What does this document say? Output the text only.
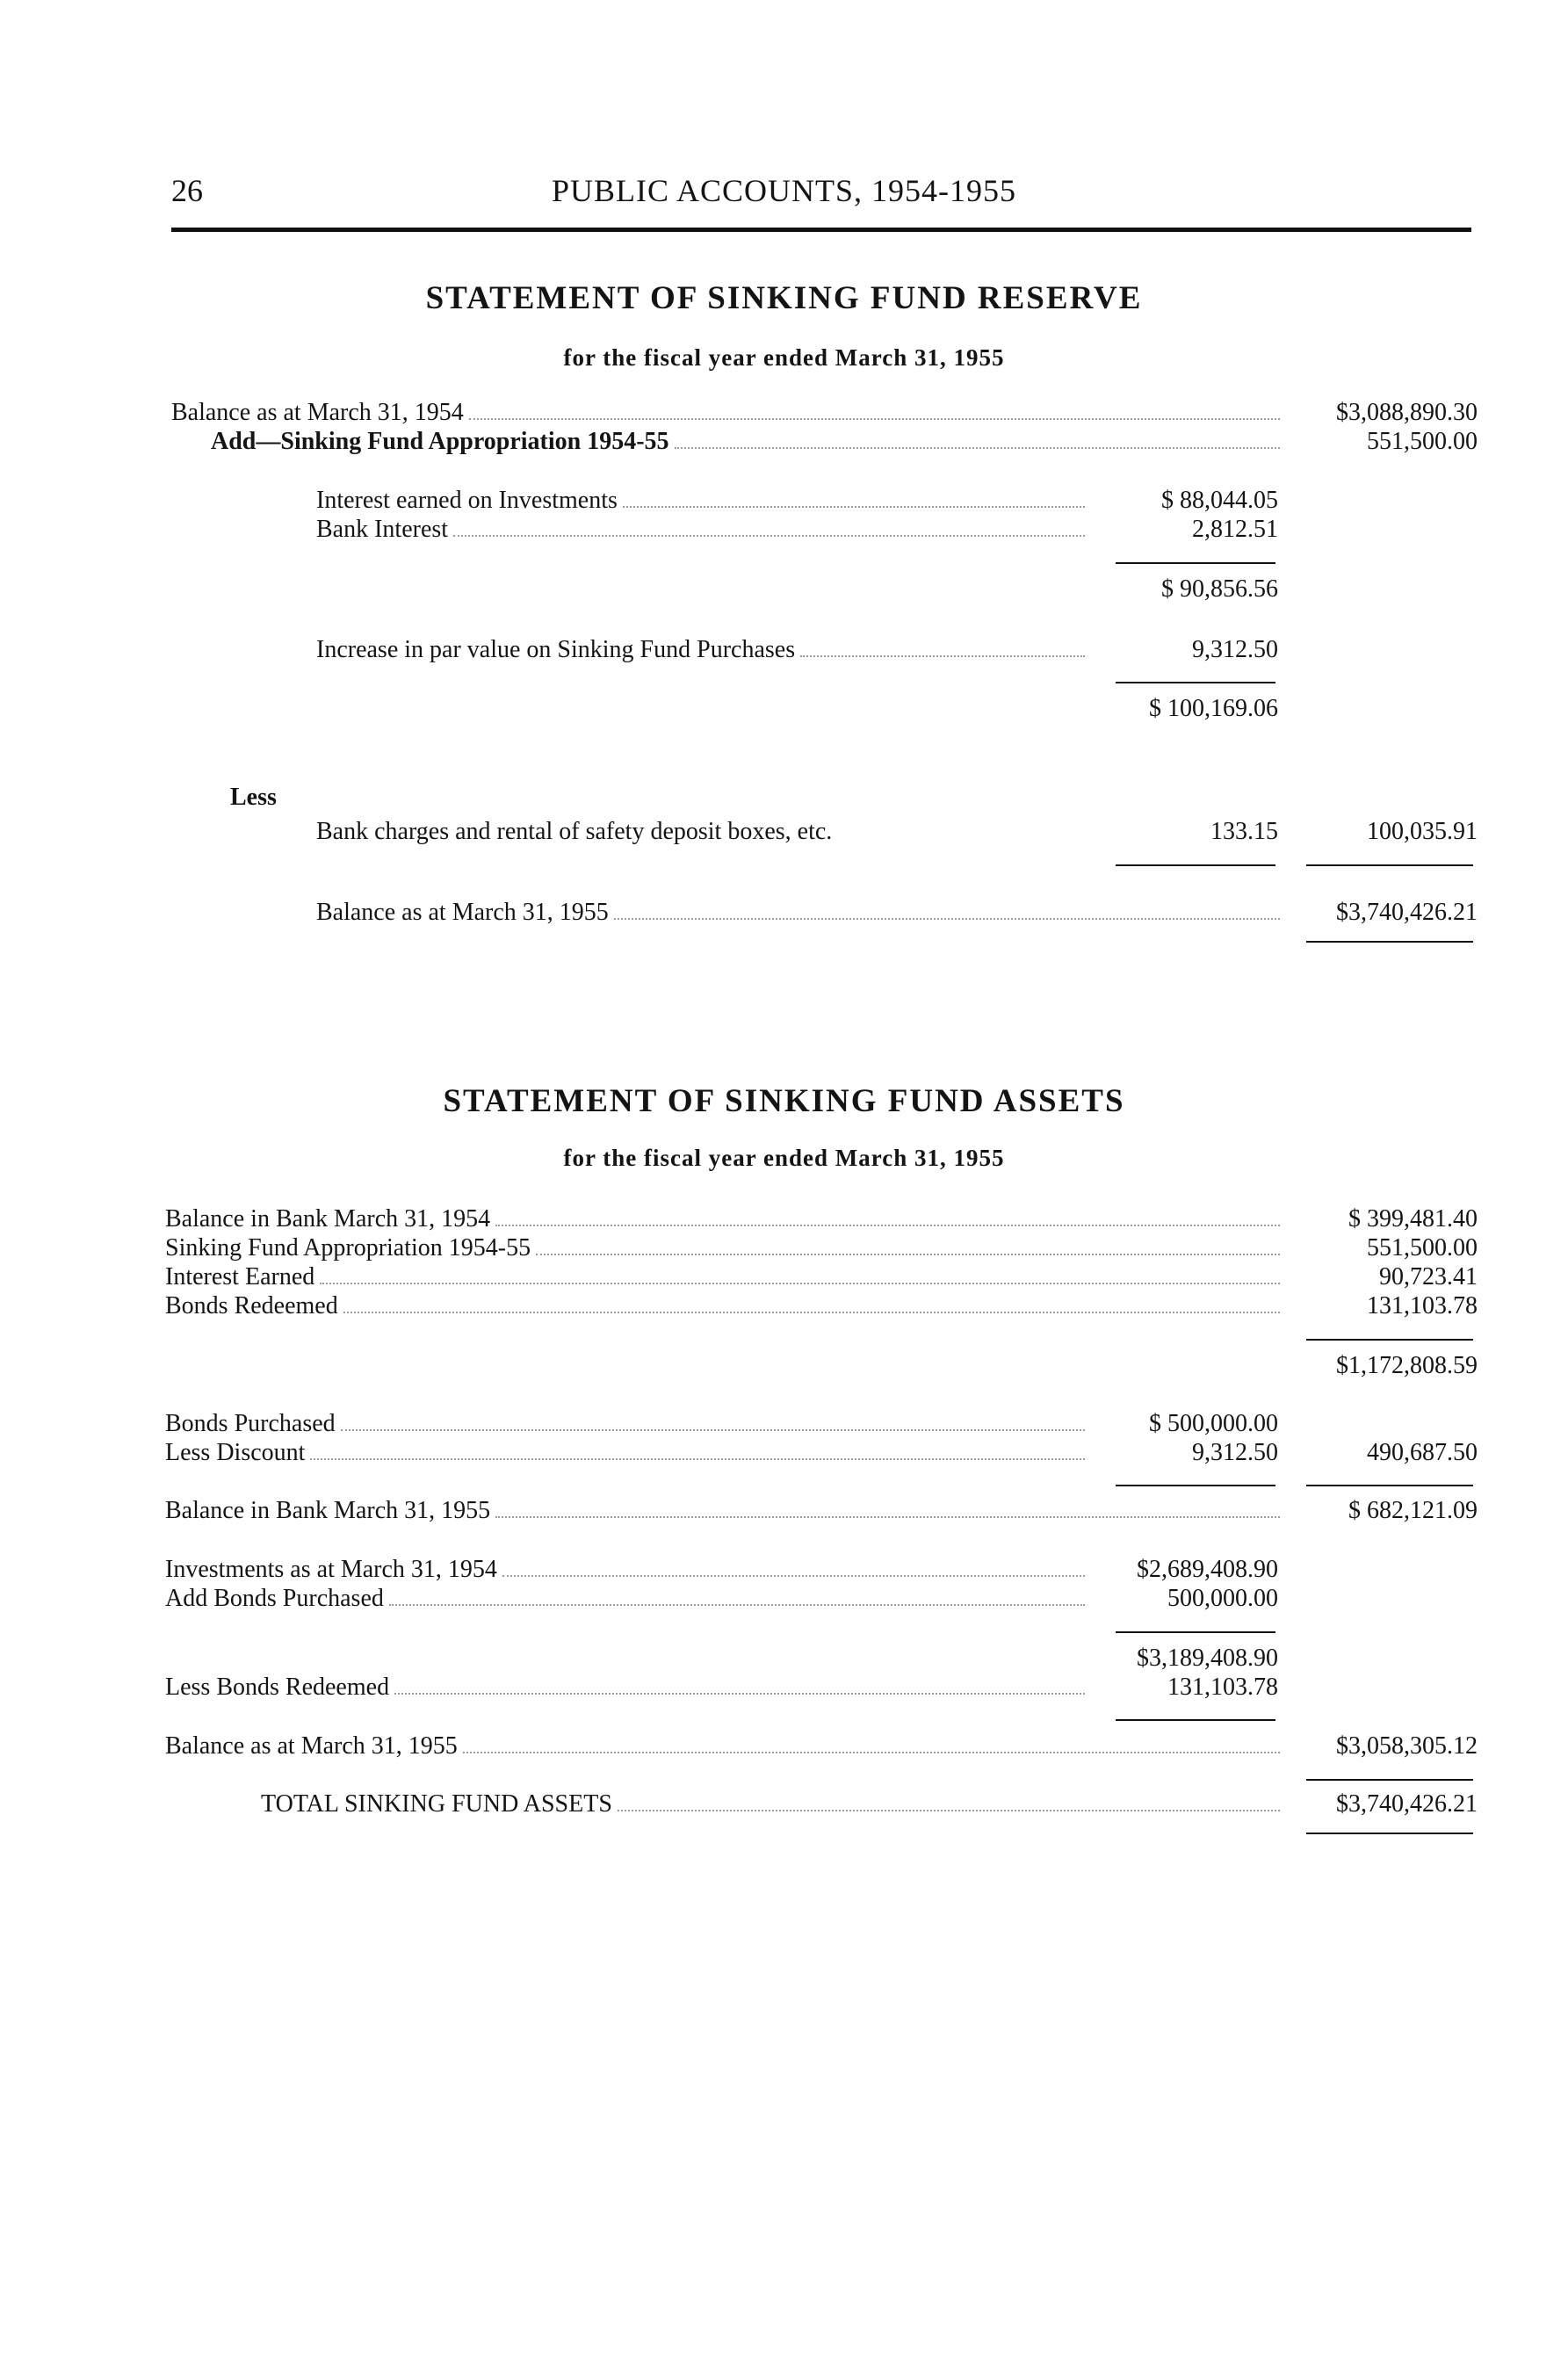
26	PUBLIC ACCOUNTS, 1954-1955
STATEMENT OF SINKING FUND RESERVE
for the fiscal year ended March 31, 1955
Balance as at March 31, 1954	$3,088,890.30
Add—Sinking Fund Appropriation 1954-55	551,500.00
Interest earned on Investments	$ 88,044.05
Bank Interest	2,812.51
$ 90,856.56
Increase in par value on Sinking Fund Purchases	9,312.50
$ 100,169.06
Less
Bank charges and rental of safety deposit boxes, etc.	133.15	100,035.91
Balance as at March 31, 1955	$3,740,426.21
STATEMENT OF SINKING FUND ASSETS
for the fiscal year ended March 31, 1955
Balance in Bank March 31, 1954	$ 399,481.40
Sinking Fund Appropriation 1954-55	551,500.00
Interest Earned	90,723.41
Bonds Redeemed	131,103.78
$1,172,808.59
Bonds Purchased	$ 500,000.00
Less Discount	9,312.50	490,687.50
Balance in Bank March 31, 1955	$ 682,121.09
Investments as at March 31, 1954	$2,689,408.90
Add Bonds Purchased	500,000.00
$3,189,408.90
Less Bonds Redeemed	131,103.78
Balance as at March 31, 1955	$3,058,305.12
TOTAL SINKING FUND ASSETS	$3,740,426.21
